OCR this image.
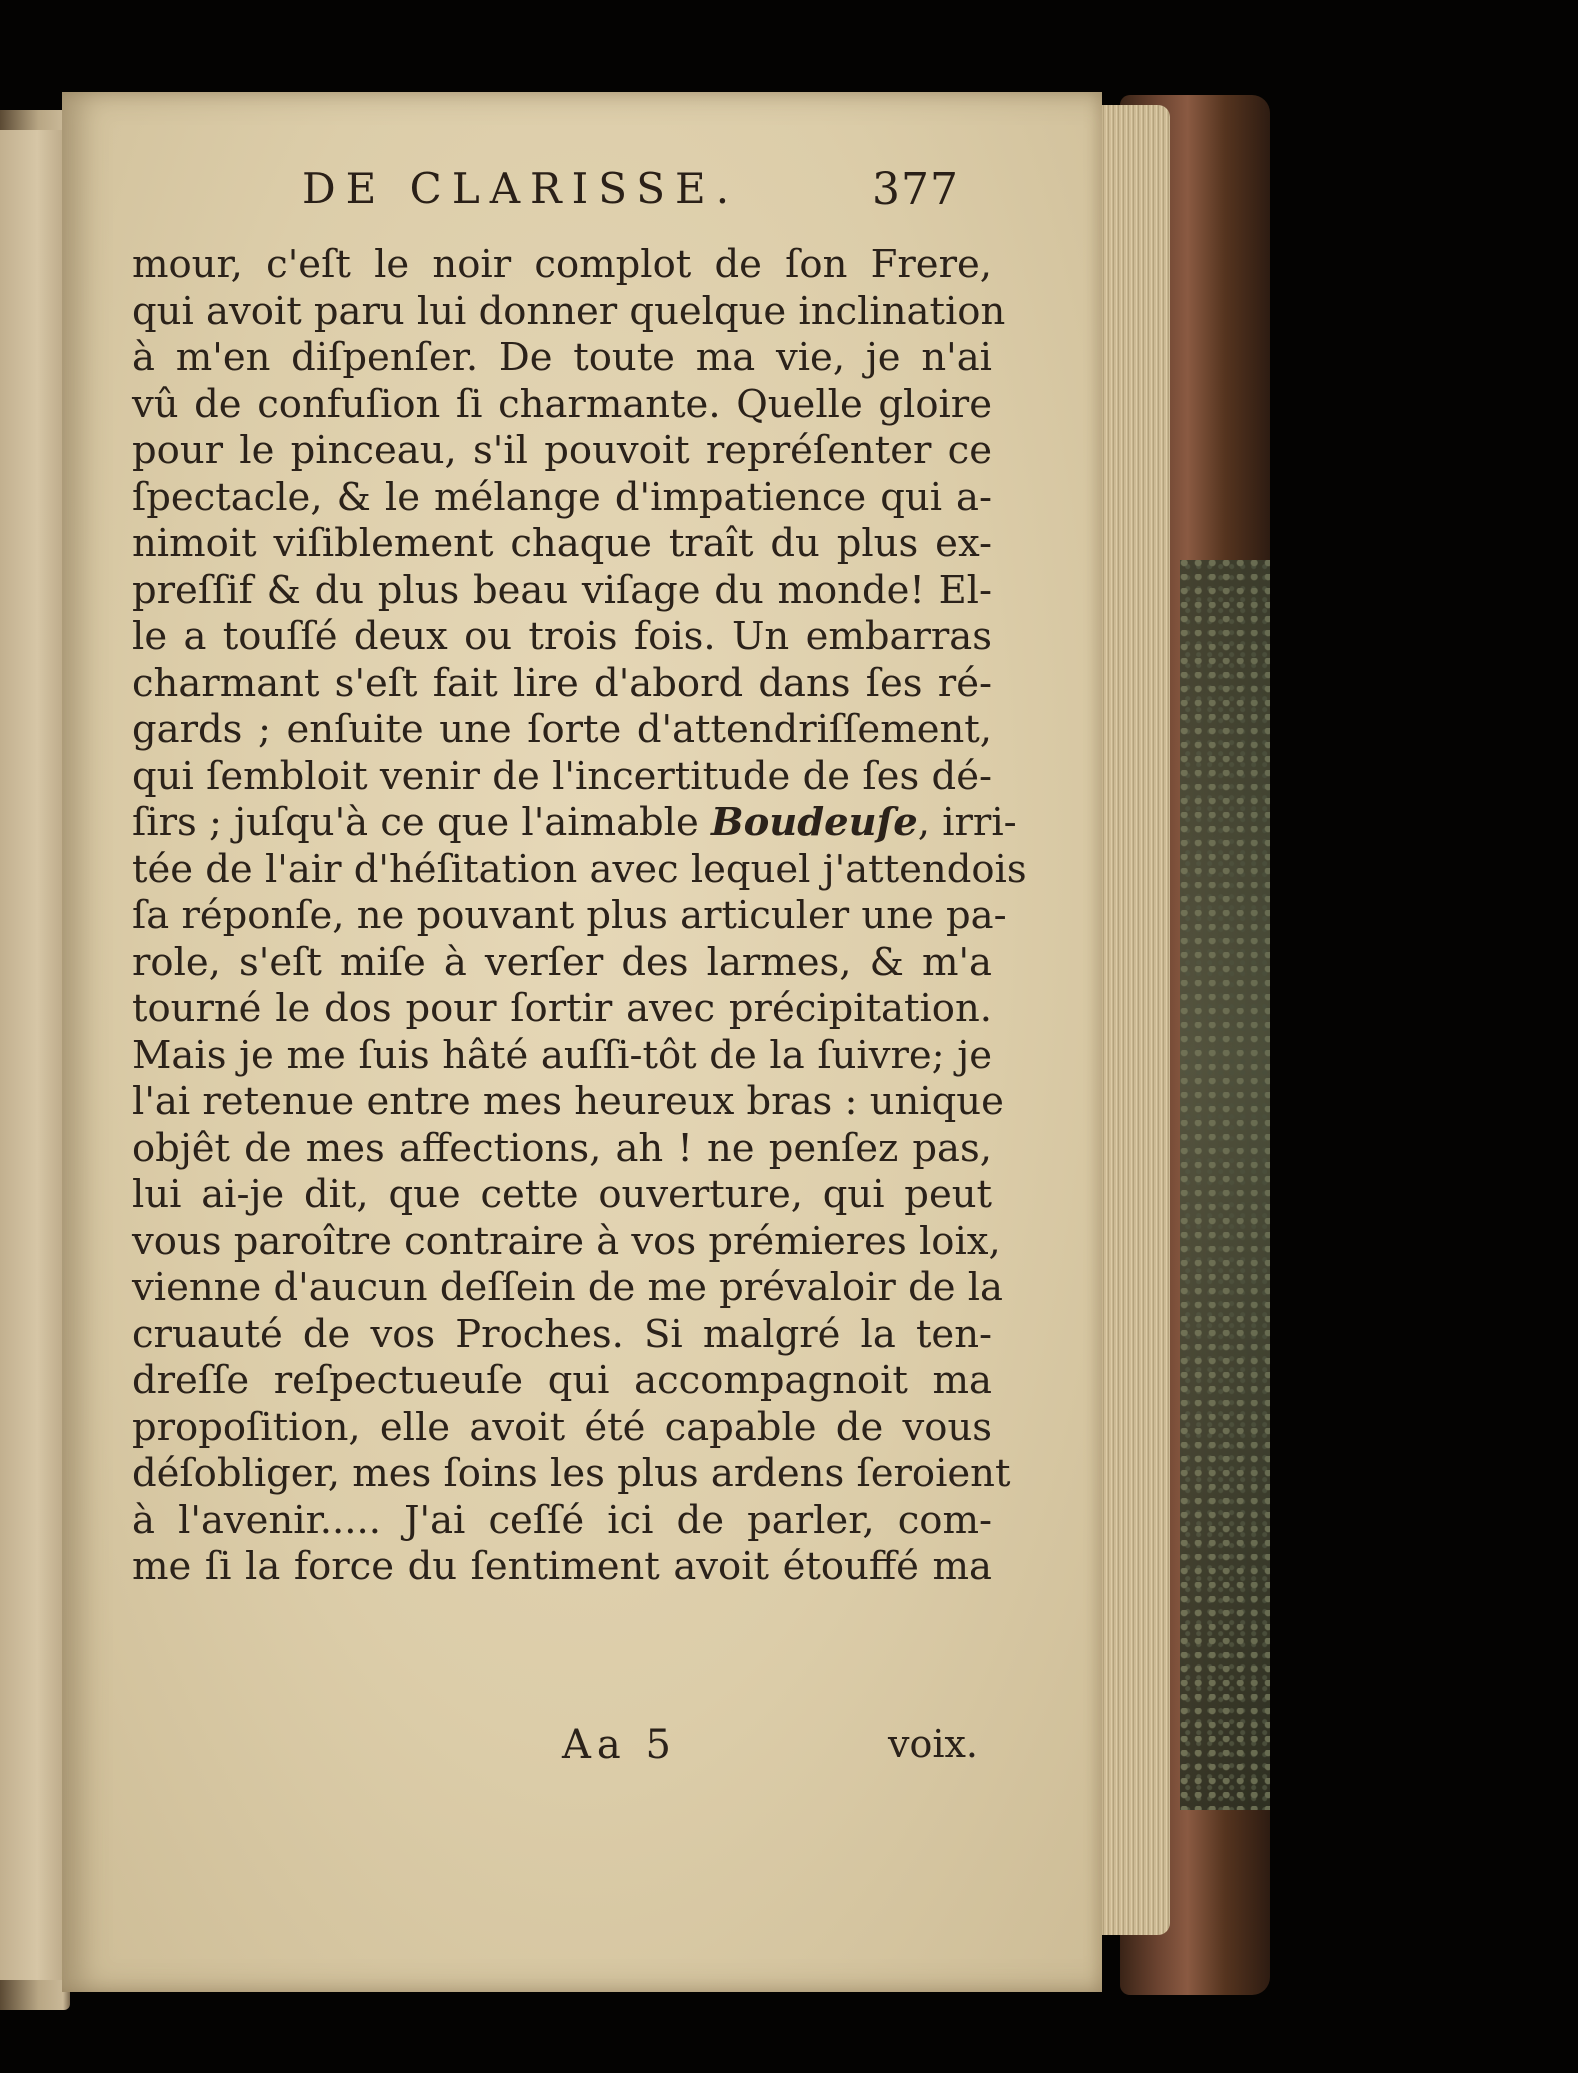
DE CLARISSE.	377
mour, c'eſt le noir complot de ſon Frere,
qui avoit paru lui donner quelque inclination
à m'en diſpenſer. De toute ma vie, je n'ai
vû de confuſion ſi charmante. Quelle gloire
pour le pinceau, s'il pouvoit repréſenter ce
ſpectacle, & le mélange d'impatience qui a-
nimoit viſiblement chaque traît du plus ex-
preſſif & du plus beau viſage du monde! El-
le a touſſé deux ou trois fois. Un embarras
charmant s'eſt fait lire d'abord dans ſes ré-
gards ; enſuite une ſorte d'attendriſſement,
qui ſembloit venir de l'incertitude de ſes dé-
ſirs ; juſqu'à ce que l'aimable Boudeuſe, irri-
tée de l'air d'héſitation avec lequel j'attendois
ſa réponſe, ne pouvant plus articuler une pa-
role, s'eſt miſe à verſer des larmes, & m'a
tourné le dos pour ſortir avec précipitation.
Mais je me ſuis hâté auſſi-tôt de la ſuivre; je
l'ai retenue entre mes heureux bras : unique
objêt de mes affections, ah ! ne penſez pas,
lui ai-je dit, que cette ouverture, qui peut
vous paroître contraire à vos prémieres loix,
vienne d'aucun deſſein de me prévaloir de la
cruauté de vos Proches. Si malgré la ten-
dreſſe reſpectueuſe qui accompagnoit ma
propoſition, elle avoit été capable de vous
déſobliger, mes ſoins les plus ardens ſeroient
à l'avenir..... J'ai ceſſé ici de parler, com-
me ſi la force du ſentiment avoit étouffé ma
Aa 5	voix.
